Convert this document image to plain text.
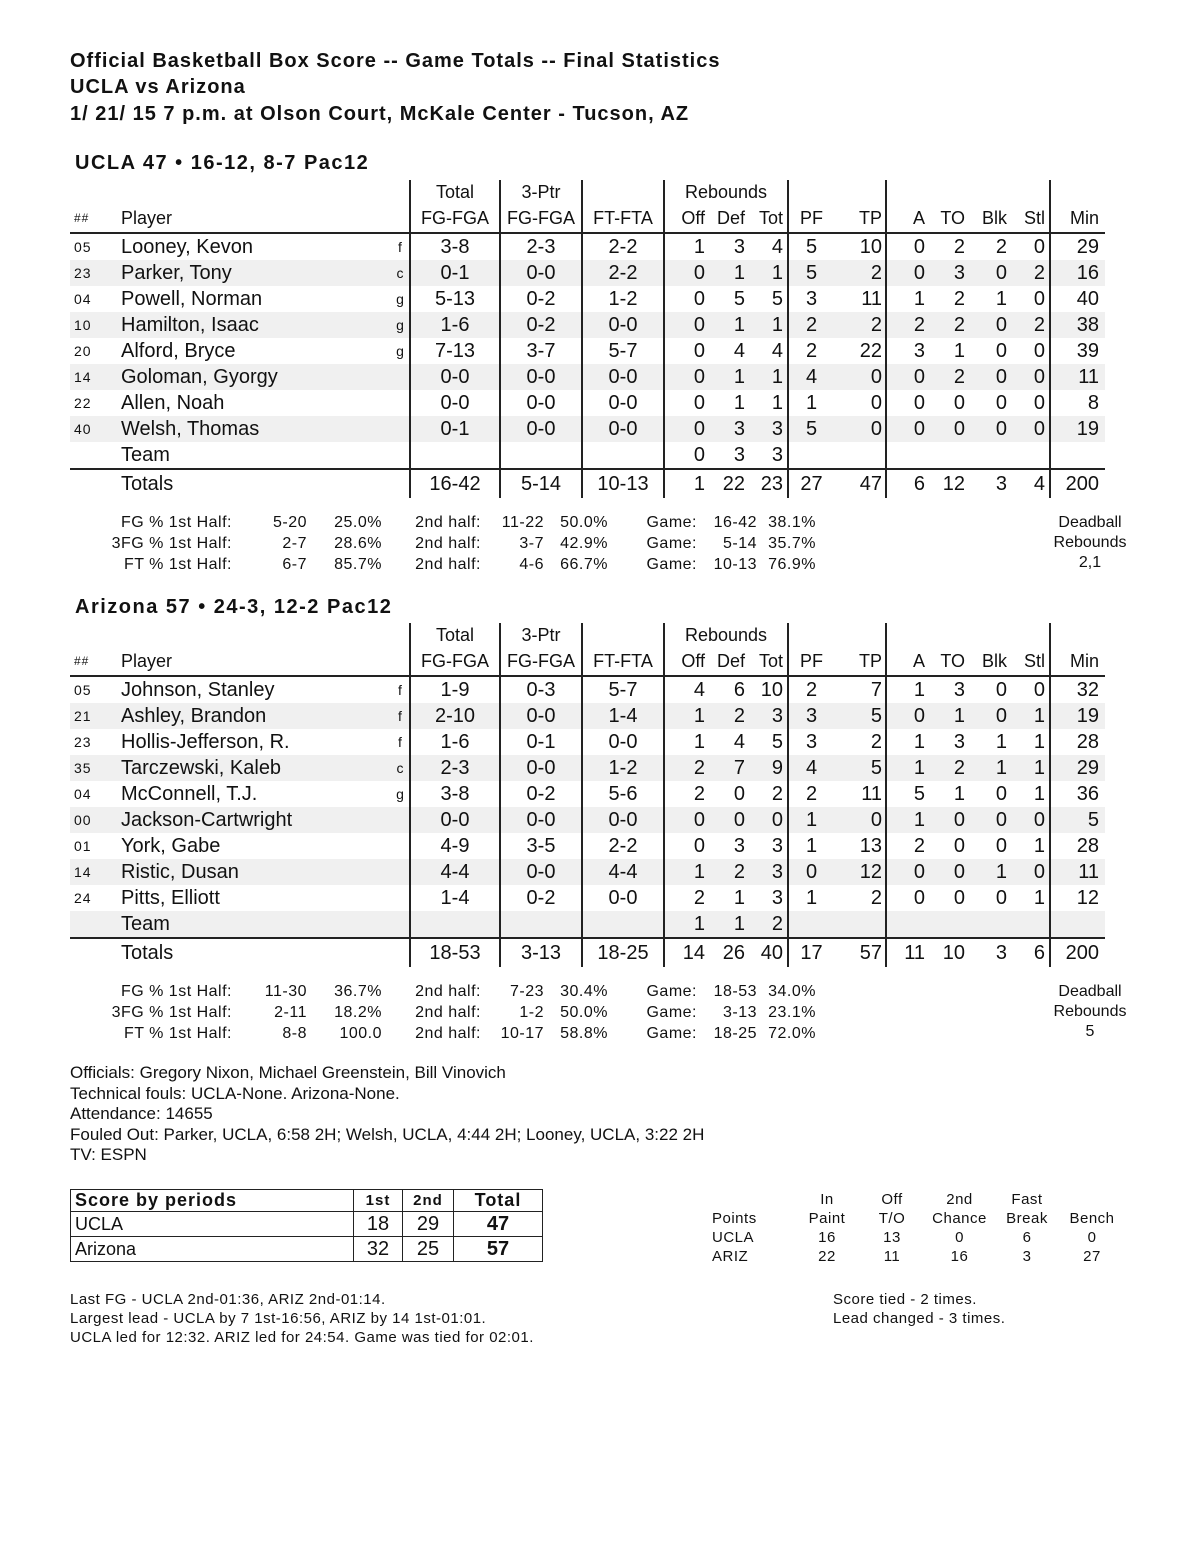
Official Basketball Box Score -- Game Totals -- Final Statistics
UCLA vs Arizona
1/ 21/ 15 7 p.m. at Olson Court, McKale Center - Tucson, AZ
UCLA 47 • 16-12, 8-7 Pac12
			Total	3-Ptr		Rebounds									
##	Player		FG-FGA	FG-FGA	FT-FTA	Off	Def	Tot	PF	TP	A	TO	Blk	Stl	Min
05	Looney, Kevon	f	3-8	2-3	2-2	1	3	4	5	10	0	2	2	0	29
23	Parker, Tony	c	0-1	0-0	2-2	0	1	1	5	2	0	3	0	2	16
04	Powell, Norman	g	5-13	0-2	1-2	0	5	5	3	11	1	2	1	0	40
10	Hamilton, Isaac	g	1-6	0-2	0-0	0	1	1	2	2	2	2	0	2	38
20	Alford, Bryce	g	7-13	3-7	5-7	0	4	4	2	22	3	1	0	0	39
14	Goloman, Gyorgy		0-0	0-0	0-0	0	1	1	4	0	0	2	0	0	11
22	Allen, Noah		0-0	0-0	0-0	0	1	1	1	0	0	0	0	0	8
40	Welsh, Thomas		0-1	0-0	0-0	0	3	3	5	0	0	0	0	0	19
	Team					0	3	3							
	Totals		16-42	5-14	10-13	1	22	23	27	47	6	12	3	4	200
FG % 1st Half:	5-20	25.0%	2nd half:	11-22	50.0%	Game:	16-42 38.1%
3FG % 1st Half:	2-7	28.6%	2nd half:	3-7	42.9%	Game:	5-14 35.7%
FT % 1st Half:	6-7	85.7%	2nd half:	4-6	66.7%	Game:	10-13 76.9%
Deadball
Rebounds
2,1
Arizona 57 • 24-3, 12-2 Pac12
			Total	3-Ptr		Rebounds									
##	Player		FG-FGA	FG-FGA	FT-FTA	Off	Def	Tot	PF	TP	A	TO	Blk	Stl	Min
05	Johnson, Stanley	f	1-9	0-3	5-7	4	6	10	2	7	1	3	0	0	32
21	Ashley, Brandon	f	2-10	0-0	1-4	1	2	3	3	5	0	1	0	1	19
23	Hollis-Jefferson, R.	f	1-6	0-1	0-0	1	4	5	3	2	1	3	1	1	28
35	Tarczewski, Kaleb	c	2-3	0-0	1-2	2	7	9	4	5	1	2	1	1	29
04	McConnell, T.J.	g	3-8	0-2	5-6	2	0	2	2	11	5	1	0	1	36
00	Jackson-Cartwright		0-0	0-0	0-0	0	0	0	1	0	1	0	0	0	5
01	York, Gabe		4-9	3-5	2-2	0	3	3	1	13	2	0	0	1	28
14	Ristic, Dusan		4-4	0-0	4-4	1	2	3	0	12	0	0	1	0	11
24	Pitts, Elliott		1-4	0-2	0-0	2	1	3	1	2	0	0	0	1	12
	Team					1	1	2							
	Totals		18-53	3-13	18-25	14	26	40	17	57	11	10	3	6	200
FG % 1st Half:	11-30	36.7%	2nd half:	7-23	30.4%	Game:	18-53 34.0%
3FG % 1st Half:	2-11	18.2%	2nd half:	1-2	50.0%	Game:	3-13 23.1%
FT % 1st Half:	8-8	100.0	2nd half:	10-17	58.8%	Game:	18-25 72.0%
Deadball
Rebounds
5
Officials: Gregory Nixon, Michael Greenstein, Bill Vinovich
Technical fouls: UCLA-None. Arizona-None.
Attendance: 14655
Fouled Out: Parker, UCLA, 6:58 2H; Welsh, UCLA, 4:44 2H; Looney, UCLA, 3:22 2H
TV: ESPN
Score by periods	1st	2nd	Total
UCLA	18	29	47
Arizona	32	25	57
	In	Off	2nd	Fast	
Points	Paint	T/O	Chance	Break	Bench
UCLA	16	13	0	6	0
ARIZ	22	11	16	3	27
Last FG - UCLA 2nd-01:36, ARIZ 2nd-01:14.
Largest lead - UCLA by 7 1st-16:56, ARIZ by 14 1st-01:01.
UCLA led for 12:32. ARIZ led for 24:54. Game was tied for 02:01.
Score tied - 2 times.
Lead changed - 3 times.
